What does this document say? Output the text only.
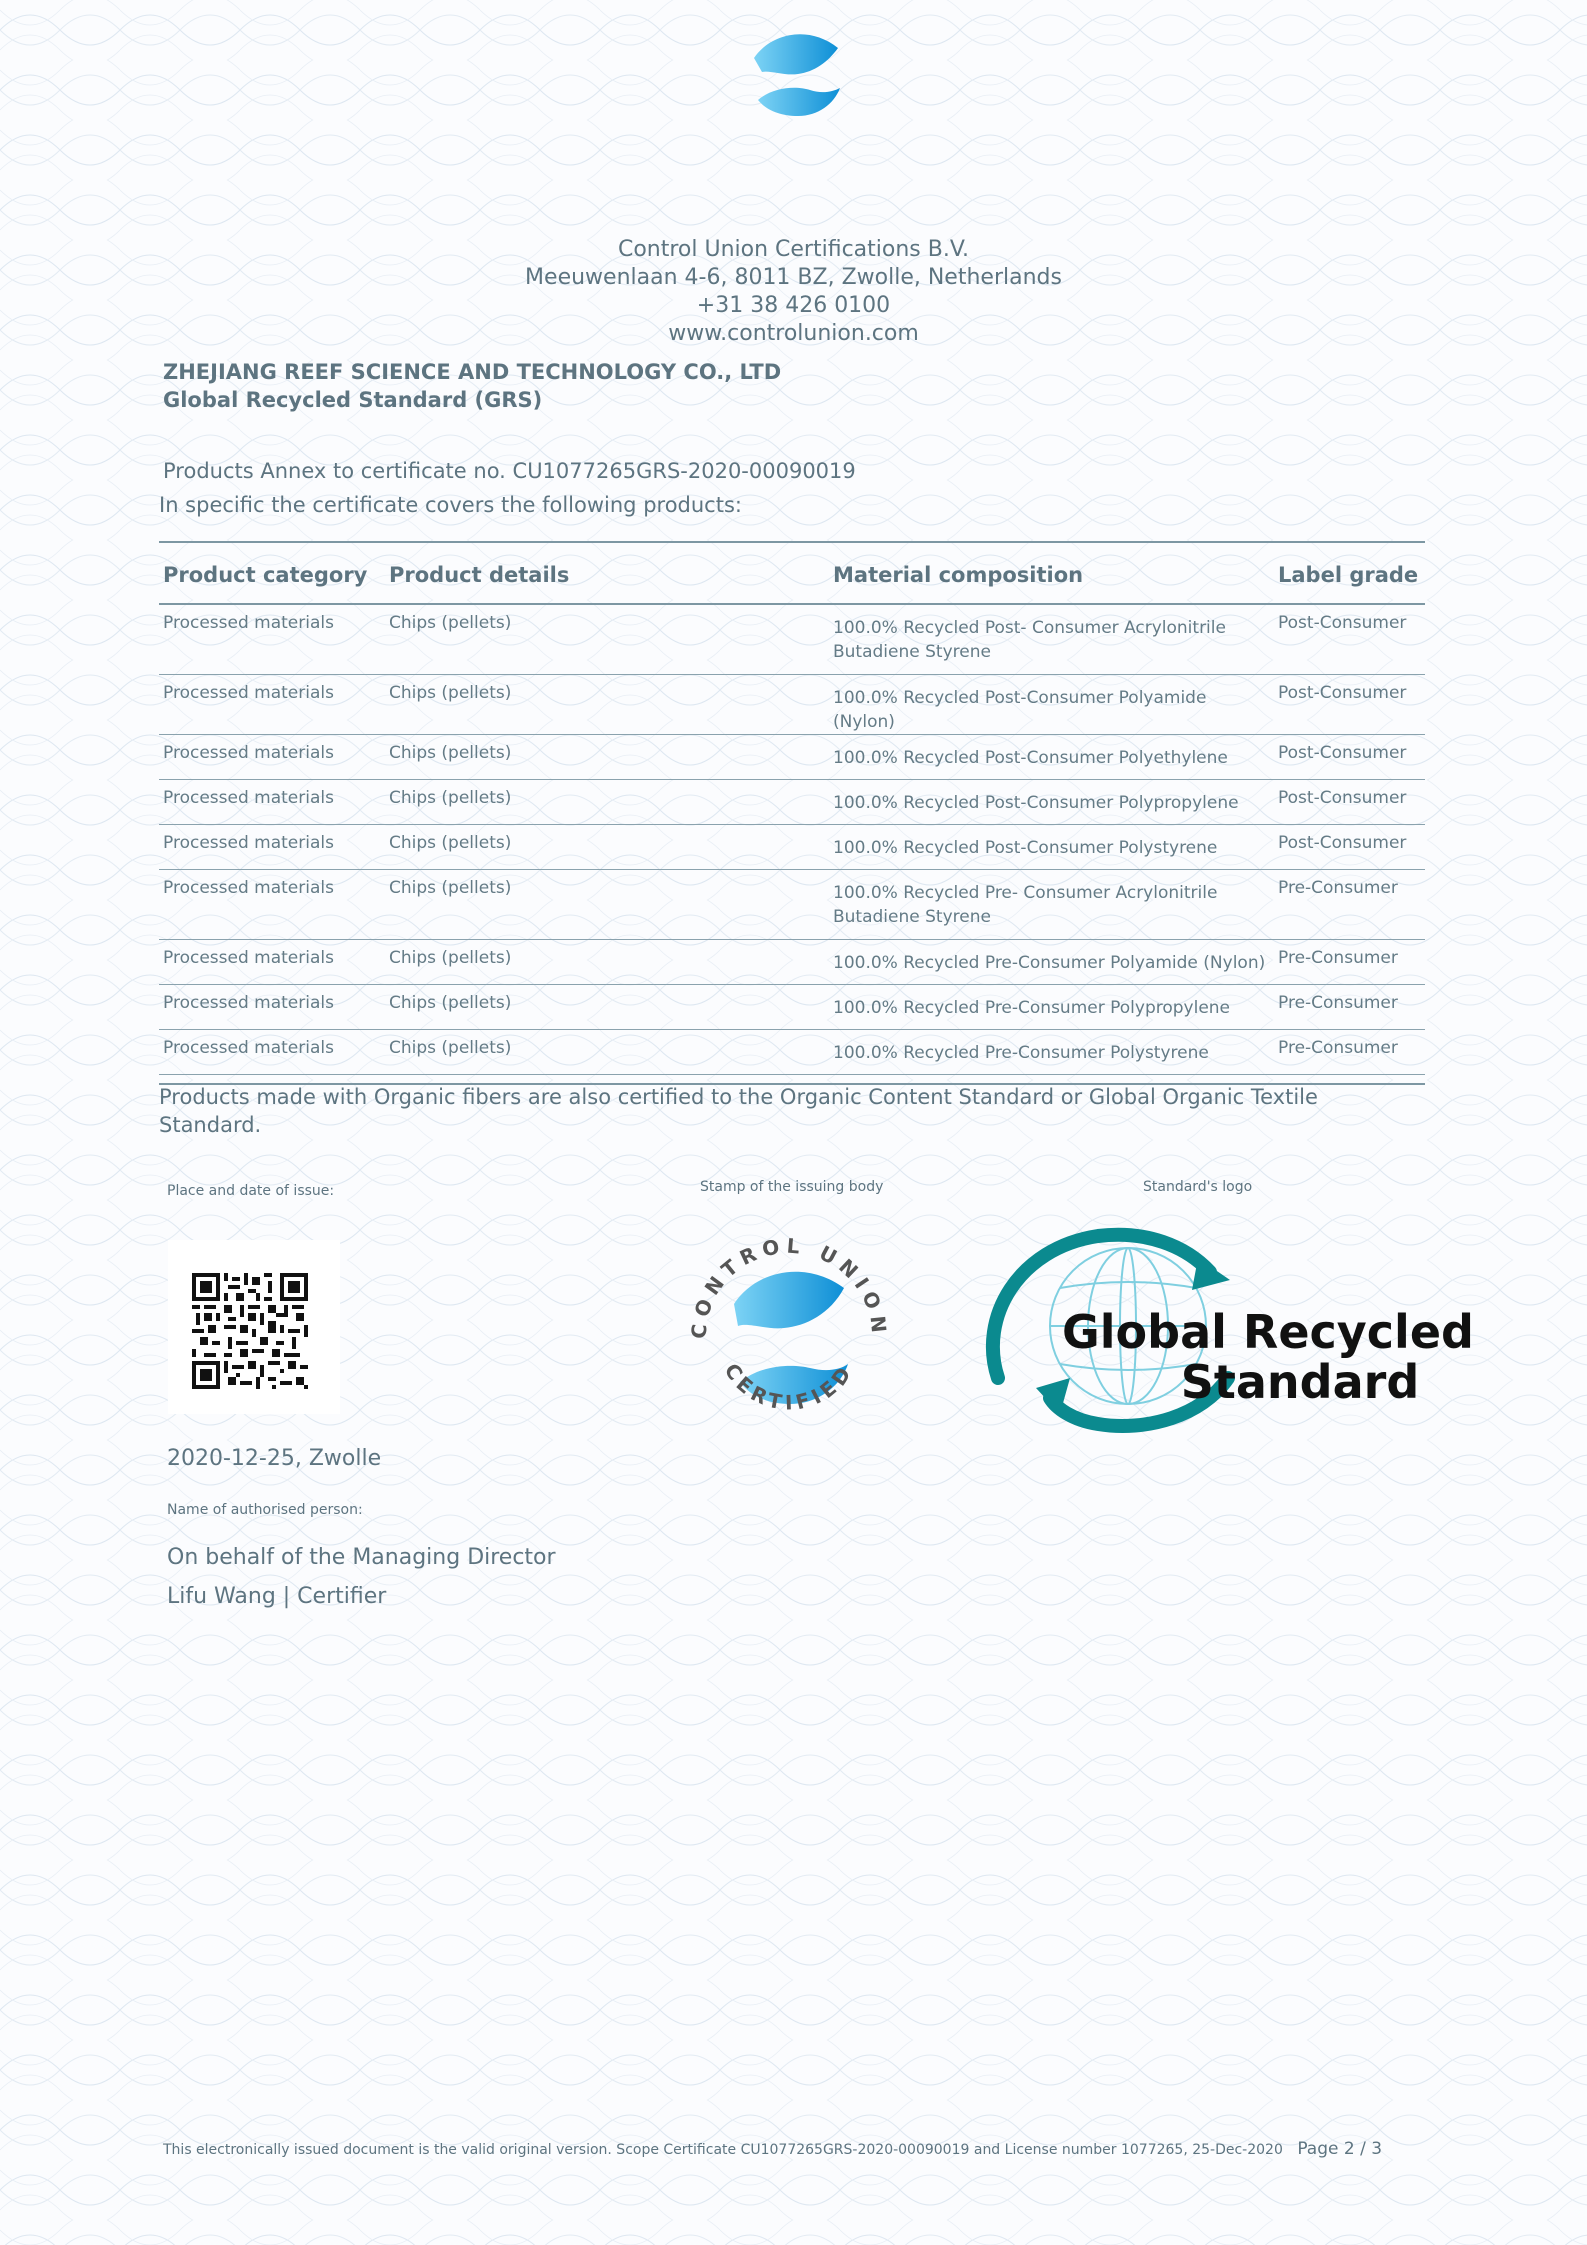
Control Union Certifications B.V.
Meeuwenlaan 4-6, 8011 BZ, Zwolle, Netherlands
+31 38 426 0100
www.controlunion.com
ZHEJIANG REEF SCIENCE AND TECHNOLOGY CO., LTD
Global Recycled Standard (GRS)
Products Annex to certificate no. CU1077265GRS-2020-00090019
In specific the certificate covers the following products:
Product category	Product details	Material composition	Label grade
Processed materials	Chips (pellets)	100.0% Recycled Post- Consumer Acrylonitrile Butadiene Styrene	Post-Consumer
Processed materials	Chips (pellets)	100.0% Recycled Post-Consumer Polyamide (Nylon)	Post-Consumer
Processed materials	Chips (pellets)	100.0% Recycled Post-Consumer Polyethylene	Post-Consumer
Processed materials	Chips (pellets)	100.0% Recycled Post-Consumer Polypropylene	Post-Consumer
Processed materials	Chips (pellets)	100.0% Recycled Post-Consumer Polystyrene	Post-Consumer
Processed materials	Chips (pellets)	100.0% Recycled Pre- Consumer Acrylonitrile Butadiene Styrene	Pre-Consumer
Processed materials	Chips (pellets)	100.0% Recycled Pre-Consumer Polyamide (Nylon)	Pre-Consumer
Processed materials	Chips (pellets)	100.0% Recycled Pre-Consumer Polypropylene	Pre-Consumer
Processed materials	Chips (pellets)	100.0% Recycled Pre-Consumer Polystyrene	Pre-Consumer

Products made with Organic fibers are also certified to the Organic Content Standard or Global Organic Textile Standard.
Place and date of issue:	Stamp of the issuing body	Standard's logo
CONTROL UNION
CERTIFIED
Global Recycled
Standard
2020-12-25, Zwolle
Name of authorised person:
On behalf of the Managing Director
Lifu Wang | Certifier
This electronically issued document is the valid original version. Scope Certificate CU1077265GRS-2020-00090019 and License number 1077265, 25-Dec-2020 Page 2 / 3
